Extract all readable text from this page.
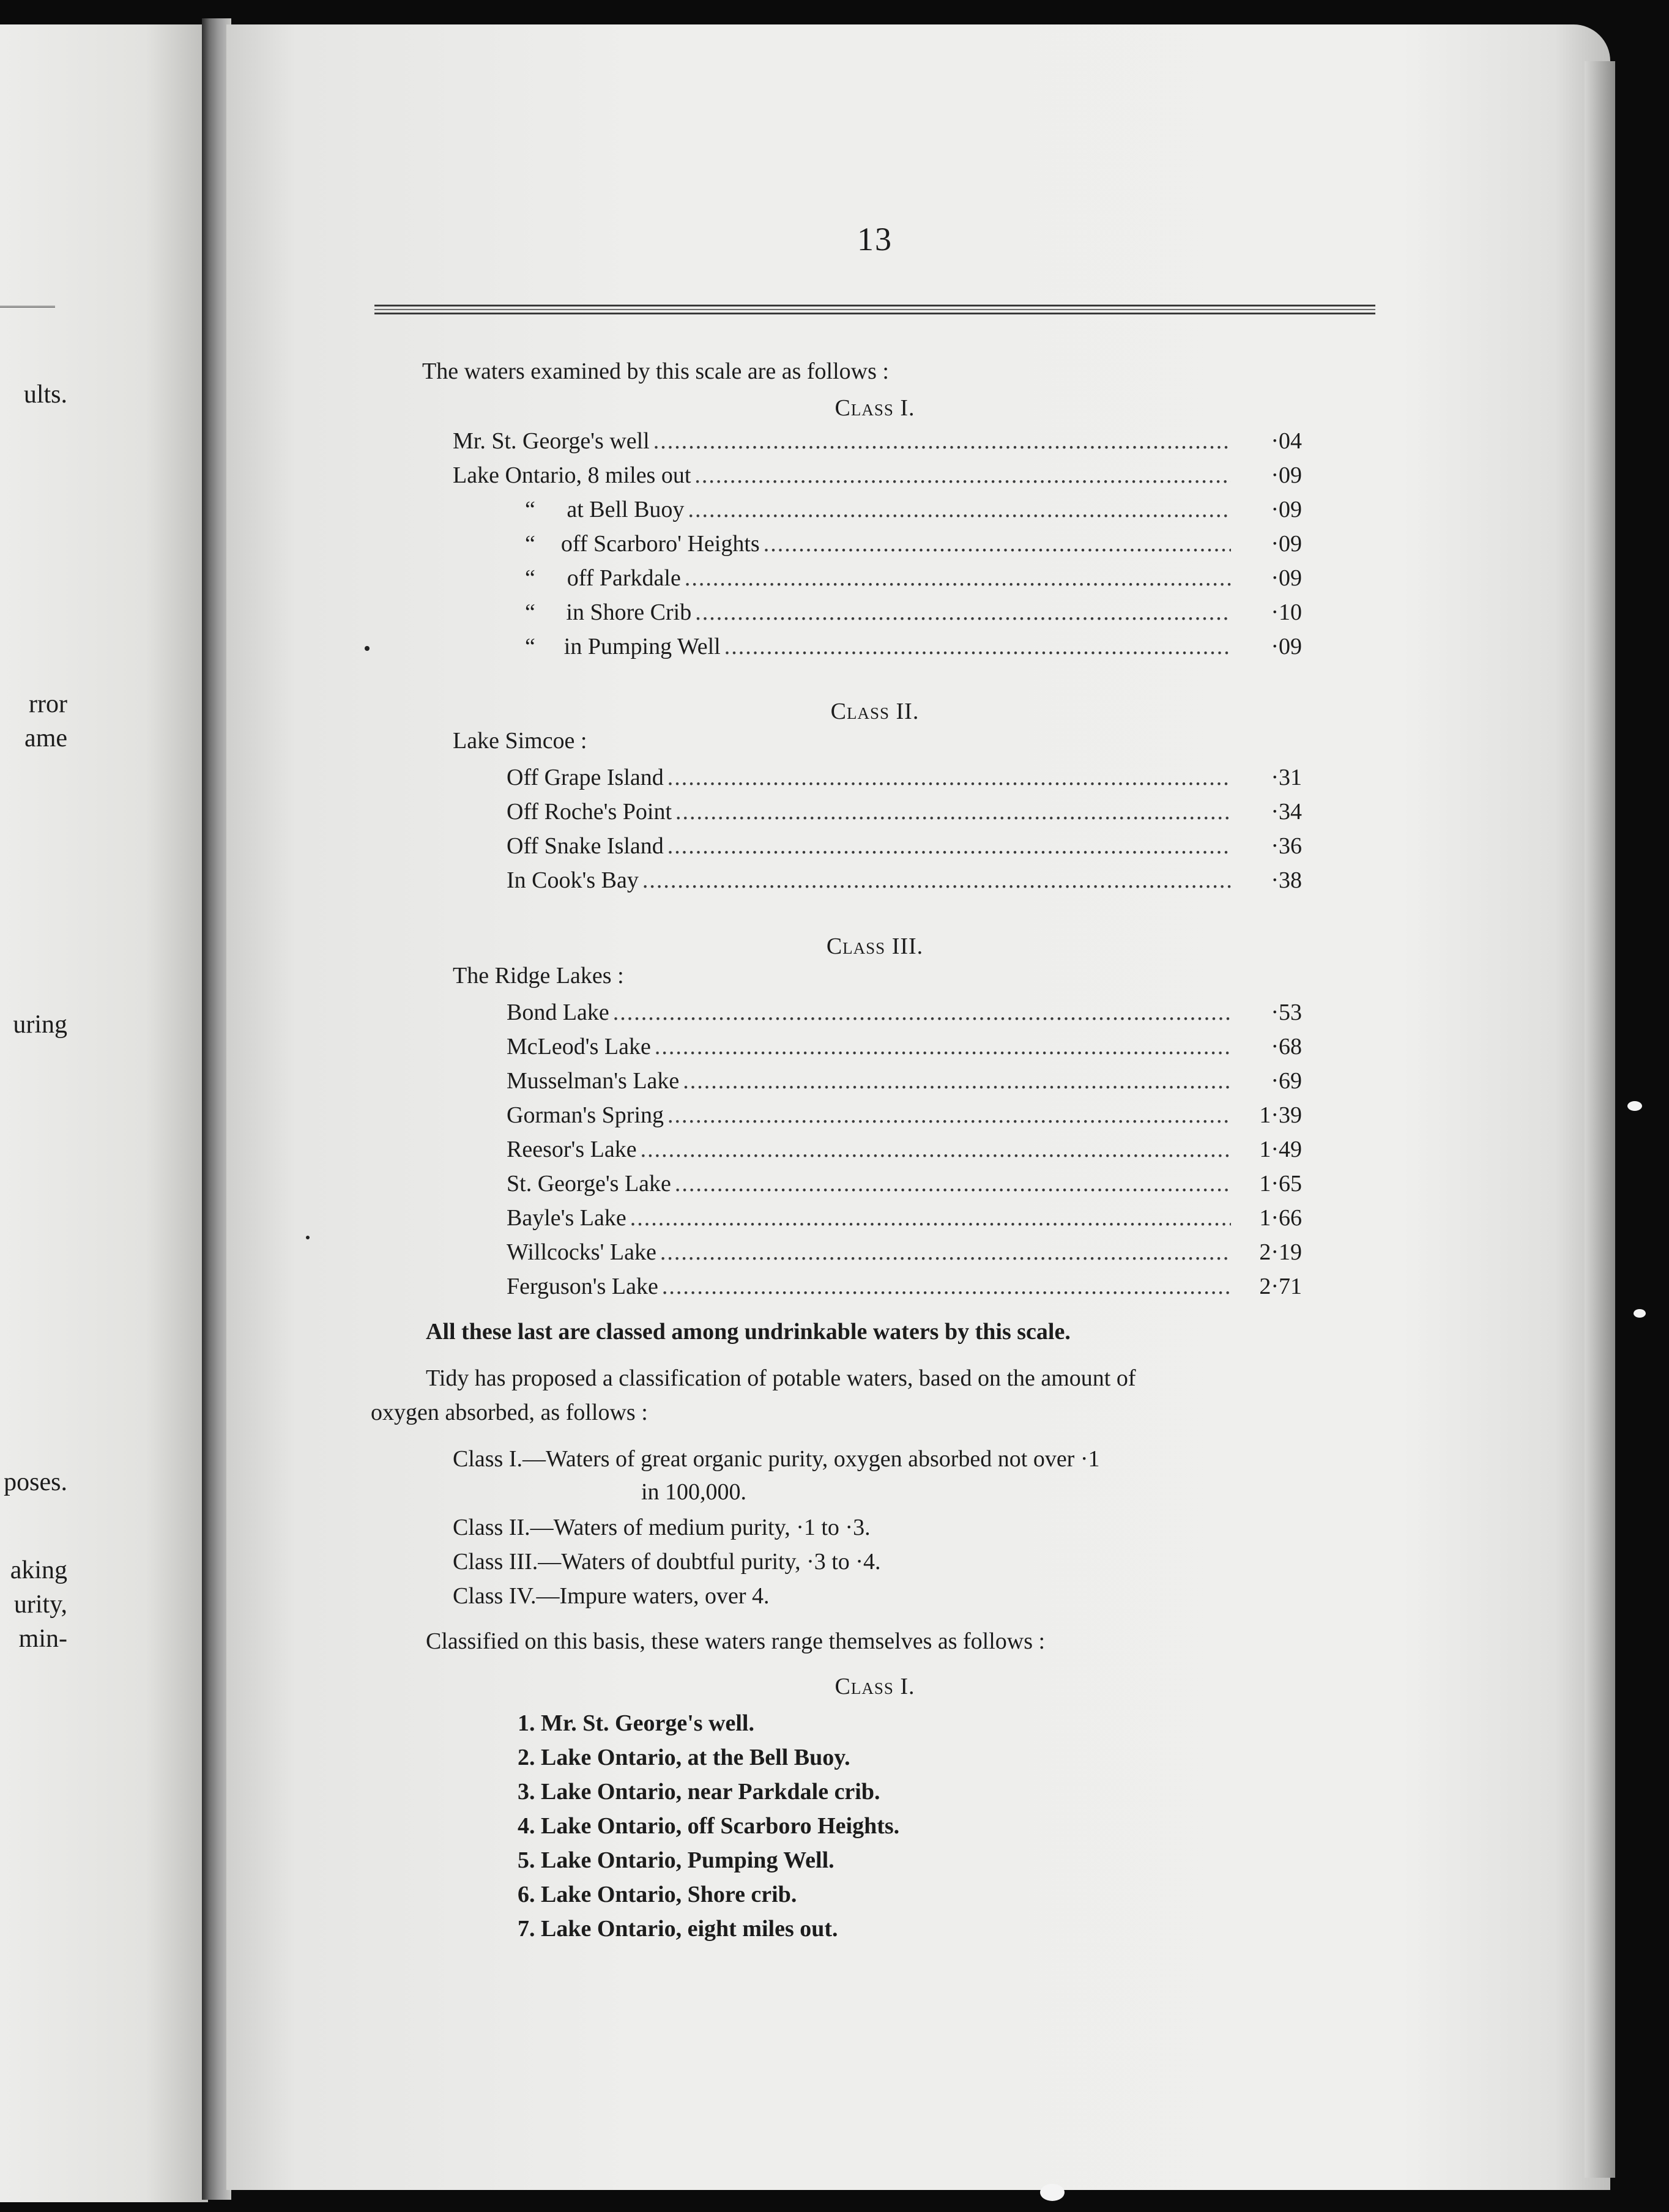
ults.
rror
ame
uring
poses.
aking
urity,
min-
13
The waters examined by this scale are as follows :
Class I.
Mr. St. George's well .....	·04
Lake Ontario, 8 miles out .....	·09
“	at Bell Buoy .....	·09
“	off Scarboro' Heights .....	·09
“	off Parkdale .....	·09
“	in Shore Crib .....	·10
“	in Pumping Well .....	·09
Class II.
Lake Simcoe :
Off Grape Island .....	·31
Off Roche's Point .....	·34
Off Snake Island .....	·36
In Cook's Bay .....	·38
Class III.
The Ridge Lakes :
Bond Lake .....	·53
McLeod's Lake .....	·68
Musselman's Lake .....	·69
Gorman's Spring .....	1·39
Reesor's Lake .....	1·49
St. George's Lake .....	1·65
Bayle's Lake .....	1·66
Willcocks' Lake .....	2·19
Ferguson's Lake .....	2·71
All these last are classed among undrinkable waters by this scale.
Tidy has proposed a classification of potable waters, based on the amount of
oxygen absorbed, as follows :
Class I.—Waters of great organic purity, oxygen absorbed not over ·1
in 100,000.
Class II.—Waters of medium purity, ·1 to ·3.
Class III.—Waters of doubtful purity, ·3 to ·4.
Class IV.—Impure waters, over 4.
Classified on this basis, these waters range themselves as follows :
Class I.
1. Mr. St. George's well.
2. Lake Ontario, at the Bell Buoy.
3. Lake Ontario, near Parkdale crib.
4. Lake Ontario, off Scarboro Heights.
5. Lake Ontario, Pumping Well.
6. Lake Ontario, Shore crib.
7. Lake Ontario, eight miles out.
